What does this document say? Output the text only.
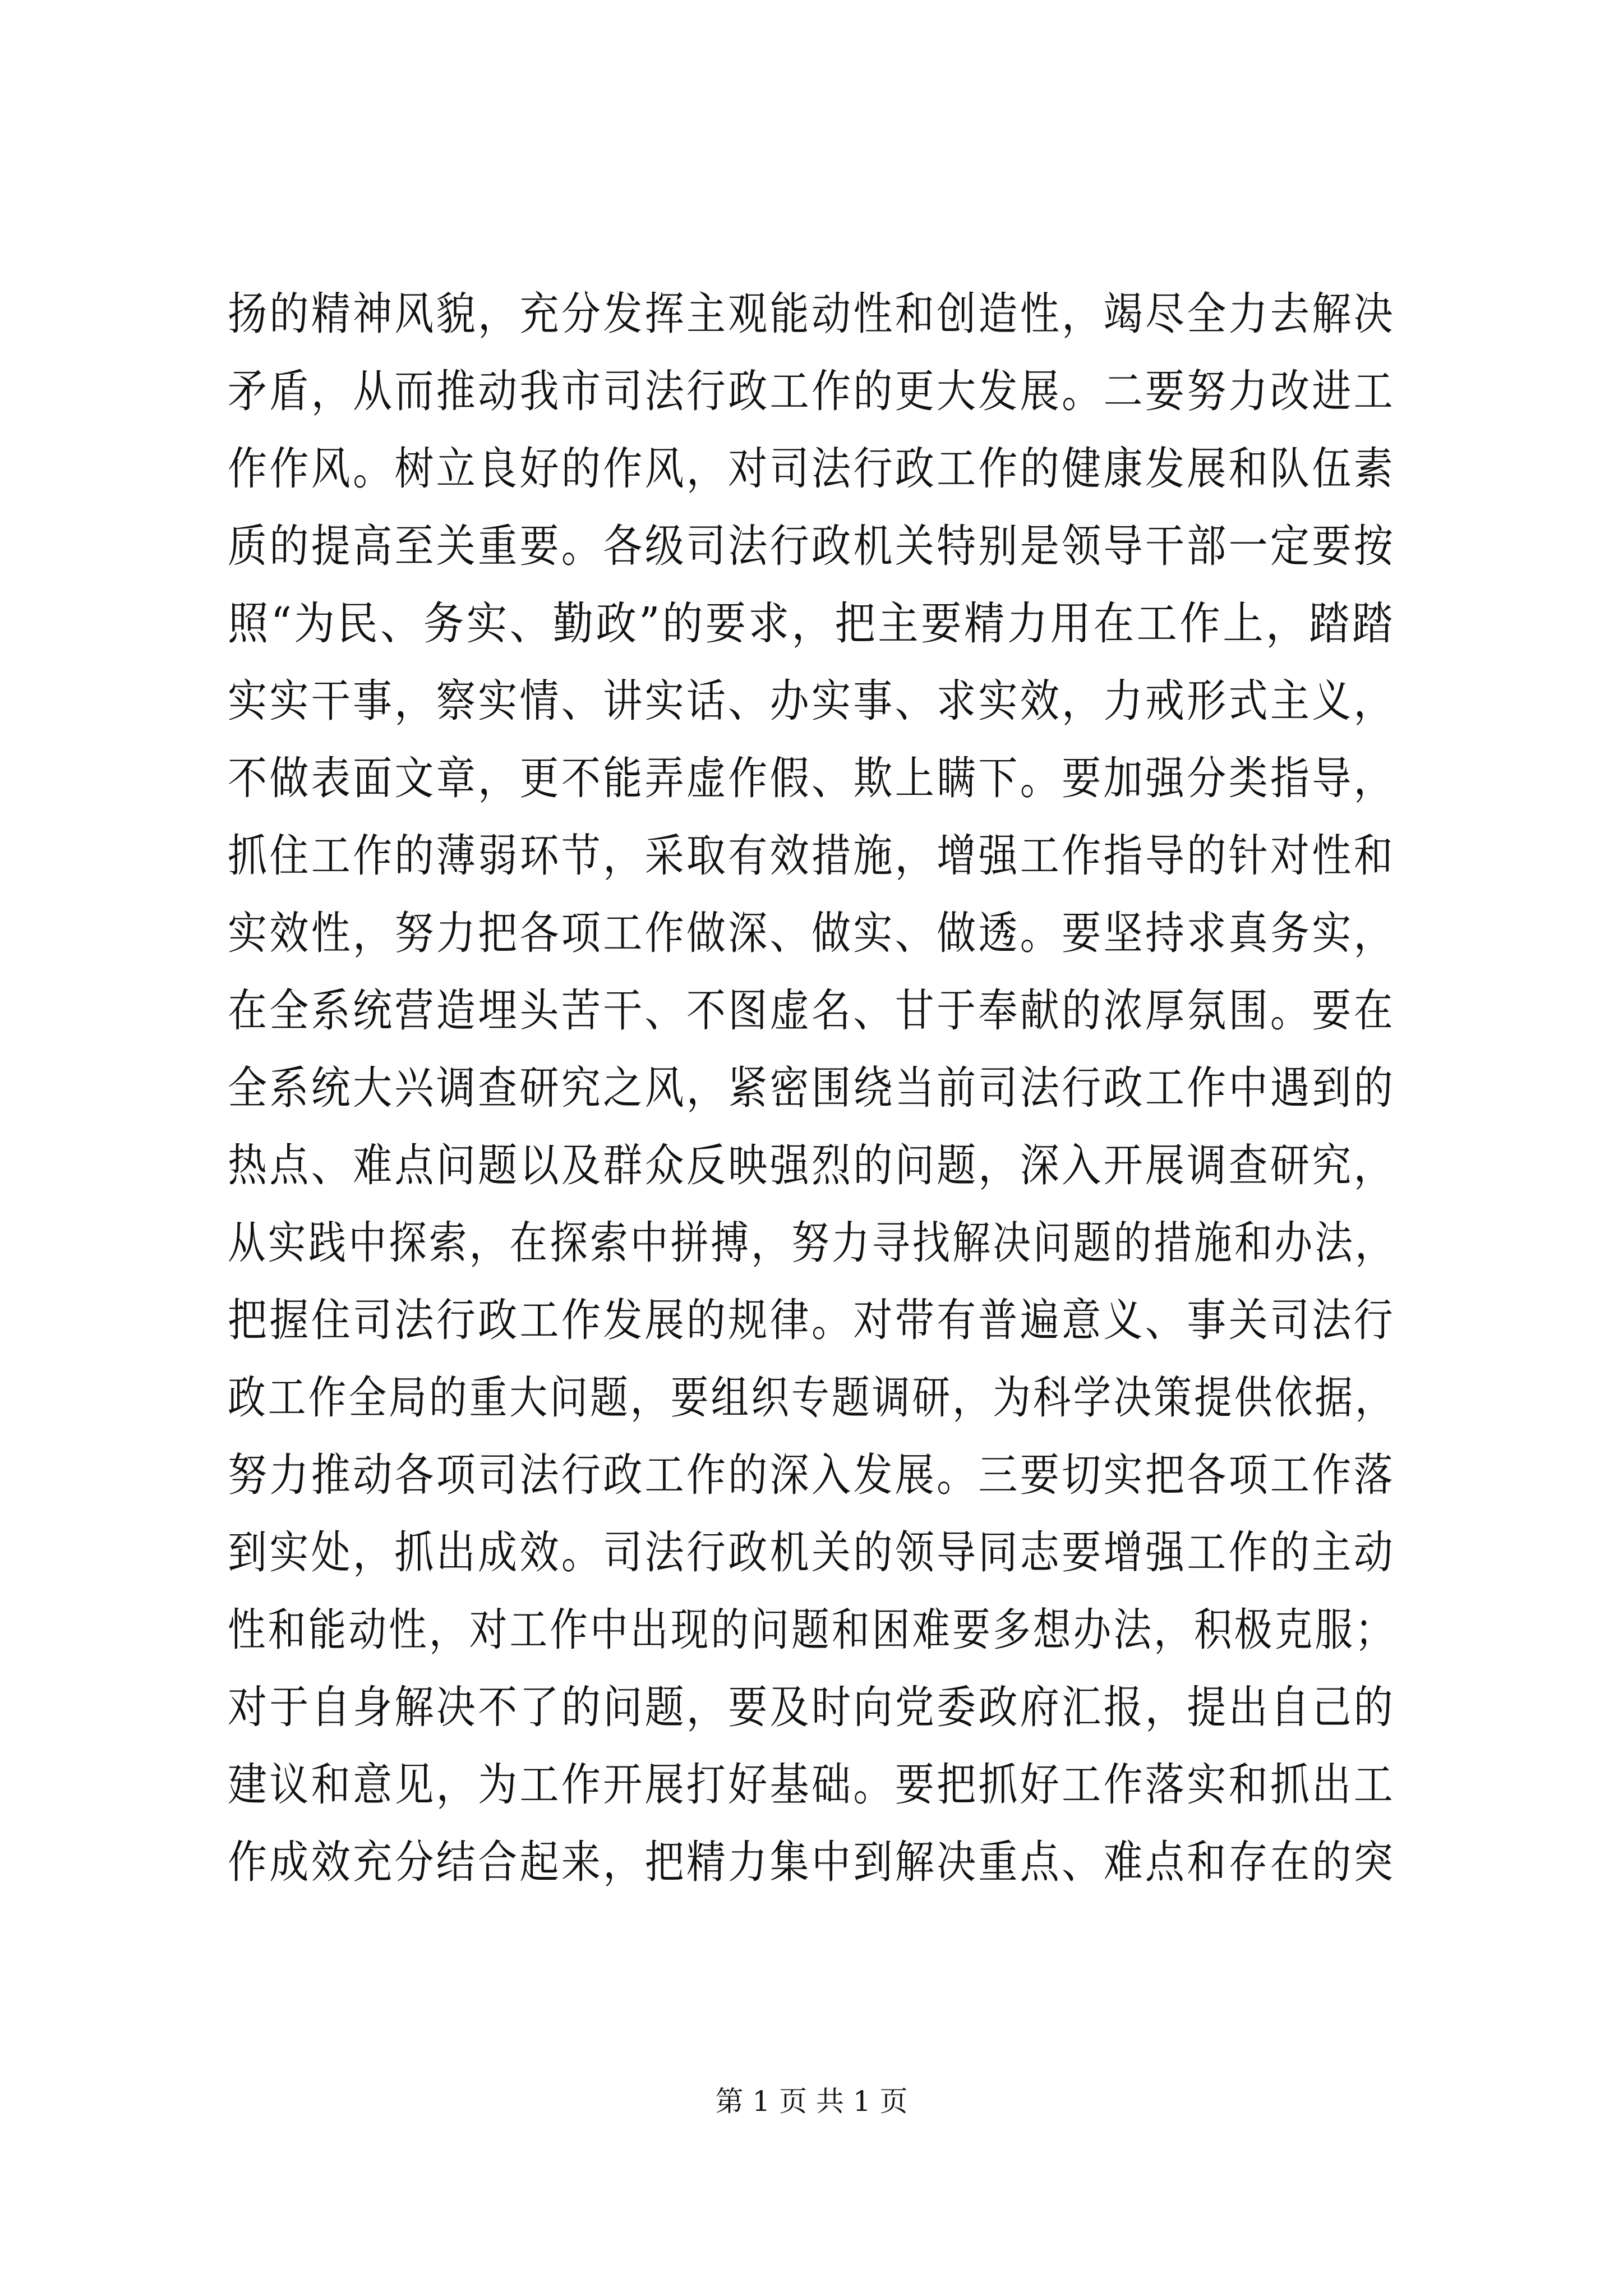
扬的精神风貌，充分发挥主观能动性和创造性，竭尽全力去解决
矛盾，从而推动我市司法行政工作的更大发展。二要努力改进工
作作风。树立良好的作风，对司法行政工作的健康发展和队伍素
质的提高至关重要。各级司法行政机关特别是领导干部一定要按
照“为民、务实、勤政”的要求，把主要精力用在工作上，踏踏
实实干事，察实情、讲实话、办实事、求实效，力戒形式主义，
不做表面文章，更不能弄虚作假、欺上瞒下。要加强分类指导，
抓住工作的薄弱环节，采取有效措施，增强工作指导的针对性和
实效性，努力把各项工作做深、做实、做透。要坚持求真务实，
在全系统营造埋头苦干、不图虚名、甘于奉献的浓厚氛围。要在
全系统大兴调查研究之风，紧密围绕当前司法行政工作中遇到的
热点、难点问题以及群众反映强烈的问题，深入开展调查研究，
从实践中探索，在探索中拼搏，努力寻找解决问题的措施和办法，
把握住司法行政工作发展的规律。对带有普遍意义、事关司法行
政工作全局的重大问题，要组织专题调研，为科学决策提供依据，
努力推动各项司法行政工作的深入发展。三要切实把各项工作落
到实处，抓出成效。司法行政机关的领导同志要增强工作的主动
性和能动性，对工作中出现的问题和困难要多想办法，积极克服；
对于自身解决不了的问题，要及时向党委政府汇报，提出自己的
建议和意见，为工作开展打好基础。要把抓好工作落实和抓出工
作成效充分结合起来，把精力集中到解决重点、难点和存在的突
第 1 页 共 1 页
